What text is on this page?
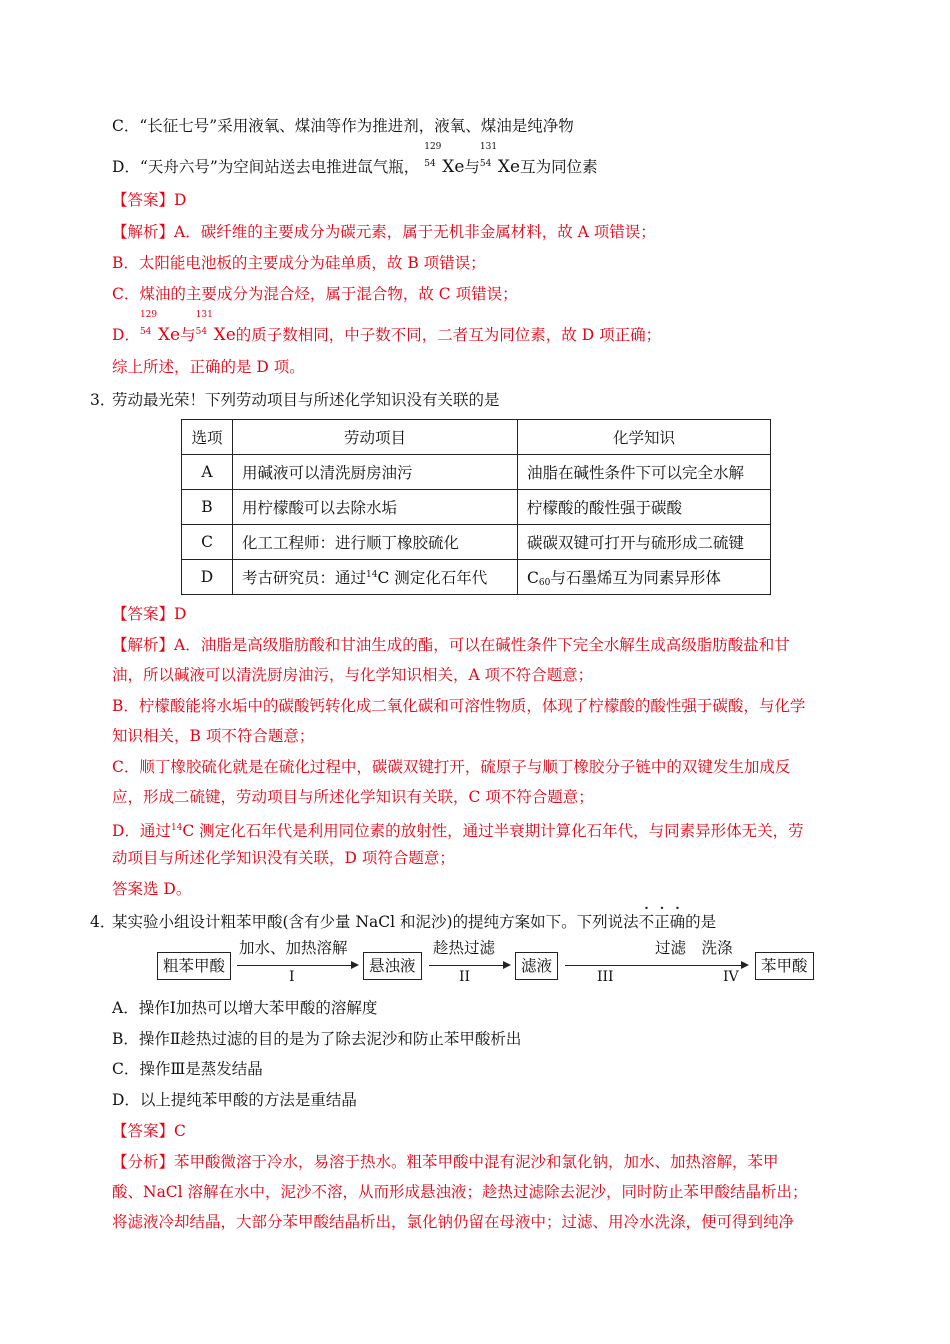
C．“长征七号”采用液氧、煤油等作为推进剂，液氧、煤油是纯净物
D．“天舟六号”为空间站送去电推进氙气瓶，
129
54 Xe与
131
54 Xe互为同位素
【答案】D
【解析】A．碳纤维的主要成分为碳元素，属于无机非金属材料，故 A 项错误；
B．太阳能电池板的主要成分为硅单质，故 B 项错误；
C．煤油的主要成分为混合烃，属于混合物，故 C 项错误；
D．
129
54 Xe与
131
54 Xe的质子数相同，中子数不同，二者互为同位素，故 D 项正确；
综上所述，正确的是 D 项。
3．
劳动最光荣！下列劳动项目与所述化学知识没有关联的是
选项	劳动项目	化学知识
A	用碱液可以清洗厨房油污	油脂在碱性条件下可以完全水解
B	用柠檬酸可以去除水垢	柠檬酸的酸性强于碳酸
C	化工工程师：进行顺丁橡胶硫化	碳碳双键可打开与硫形成二硫键
D	考古研究员：通过$^{14}$C 测定化石年代	$C_{60}$与石墨烯互为同素异形体
【答案】D
【解析】A．油脂是高级脂肪酸和甘油生成的酯，可以在碱性条件下完全水解生成高级脂肪酸盐和甘
油，所以碱液可以清洗厨房油污，与化学知识相关，A 项不符合题意；
B．柠檬酸能将水垢中的碳酸钙转化成二氧化碳和可溶性物质，体现了柠檬酸的酸性强于碳酸，与化学
知识相关，B 项不符合题意；
C．顺丁橡胶硫化就是在硫化过程中，碳碳双键打开，硫原子与顺丁橡胶分子链中的双键发生加成反
应，形成二硫键，劳动项目与所述化学知识有关联，C 项不符合题意；
D．通过$^{14}$C 测定化石年代是利用同位素的放射性，通过半衰期计算化石年代，与同素异形体无关，劳
动项目与所述化学知识没有关联，D 项符合题意；
答案选 D。
4．
某实验小组设计粗苯甲酸(含有少量 NaCl 和泥沙)的提纯方案如下。下列说法不正确的是
粗苯甲酸
加水、加热溶解
I
悬浊液
趁热过滤
II
滤液
III
过滤　洗涤
IV
苯甲酸
A．操作Ⅰ加热可以增大苯甲酸的溶解度
B．操作Ⅱ趁热过滤的目的是为了除去泥沙和防止苯甲酸析出
C．操作Ⅲ是蒸发结晶
D．以上提纯苯甲酸的方法是重结晶
【答案】C
【分析】苯甲酸微溶于冷水，易溶于热水。粗苯甲酸中混有泥沙和氯化钠，加水、加热溶解，苯甲
酸、NaCl 溶解在水中，泥沙不溶，从而形成悬浊液；趁热过滤除去泥沙，同时防止苯甲酸结晶析出；
将滤液冷却结晶，大部分苯甲酸结晶析出，氯化钠仍留在母液中；过滤、用冷水洗涤，便可得到纯净
